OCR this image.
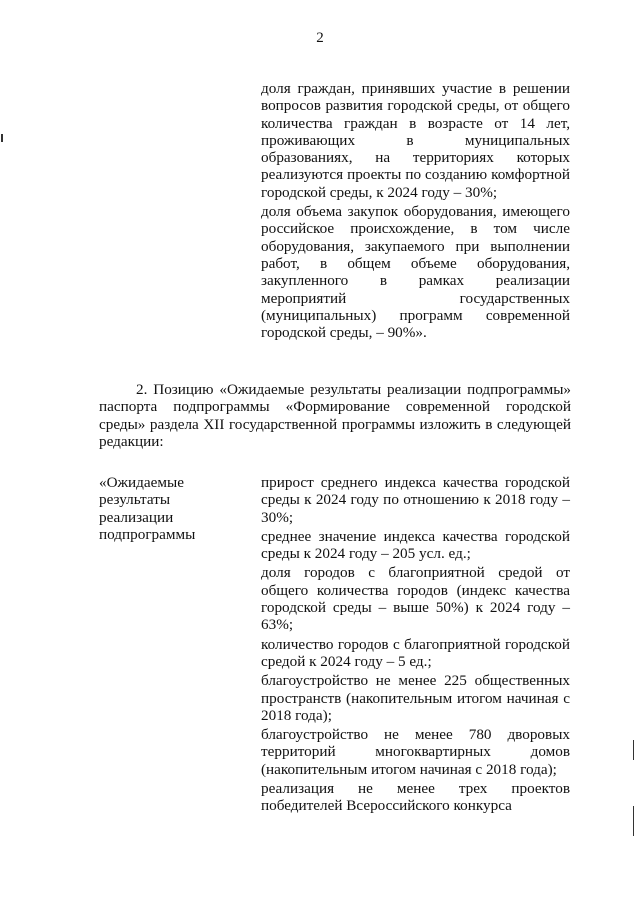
2

доля граждан, принявших участие в решении вопросов развития городской среды, от общего количества граждан в возрасте от 14 лет, проживающих в муниципальных образованиях, на территориях которых реализуются проекты по созданию комфортной городской среды, к 2024 году – 30%;

доля объема закупок оборудования, имеющего российское происхождение, в том числе оборудования, закупаемого при выполнении работ, в общем объеме оборудования, закупленного в рамках реализации мероприятий государственных (муниципальных) программ современной городской среды, – 90%».

2. Позицию «Ожидаемые результаты реализации подпрограммы» паспорта подпрограммы «Формирование современной городской среды» раздела XII государственной программы изложить в следующей редакции:

«Ожидаемые

результаты

реализации

подпрограммы

прирост среднего индекса качества городской среды к 2024 году по отношению к 2018 году – 30%;

среднее значение индекса качества городской среды к 2024 году – 205 усл. ед.;

доля городов с благоприятной средой от общего количества городов (индекс качества городской среды – выше 50%) к 2024 году – 63%;

количество городов с благоприятной городской средой к 2024 году – 5 ед.;

благоустройство не менее 225 общественных пространств (накопительным итогом начиная с 2018 года);

благоустройство не менее 780 дворовых территорий многоквартирных домов (накопительным итогом начиная с 2018 года);

реализация не менее трех проектов победителей Всероссийского конкурса
